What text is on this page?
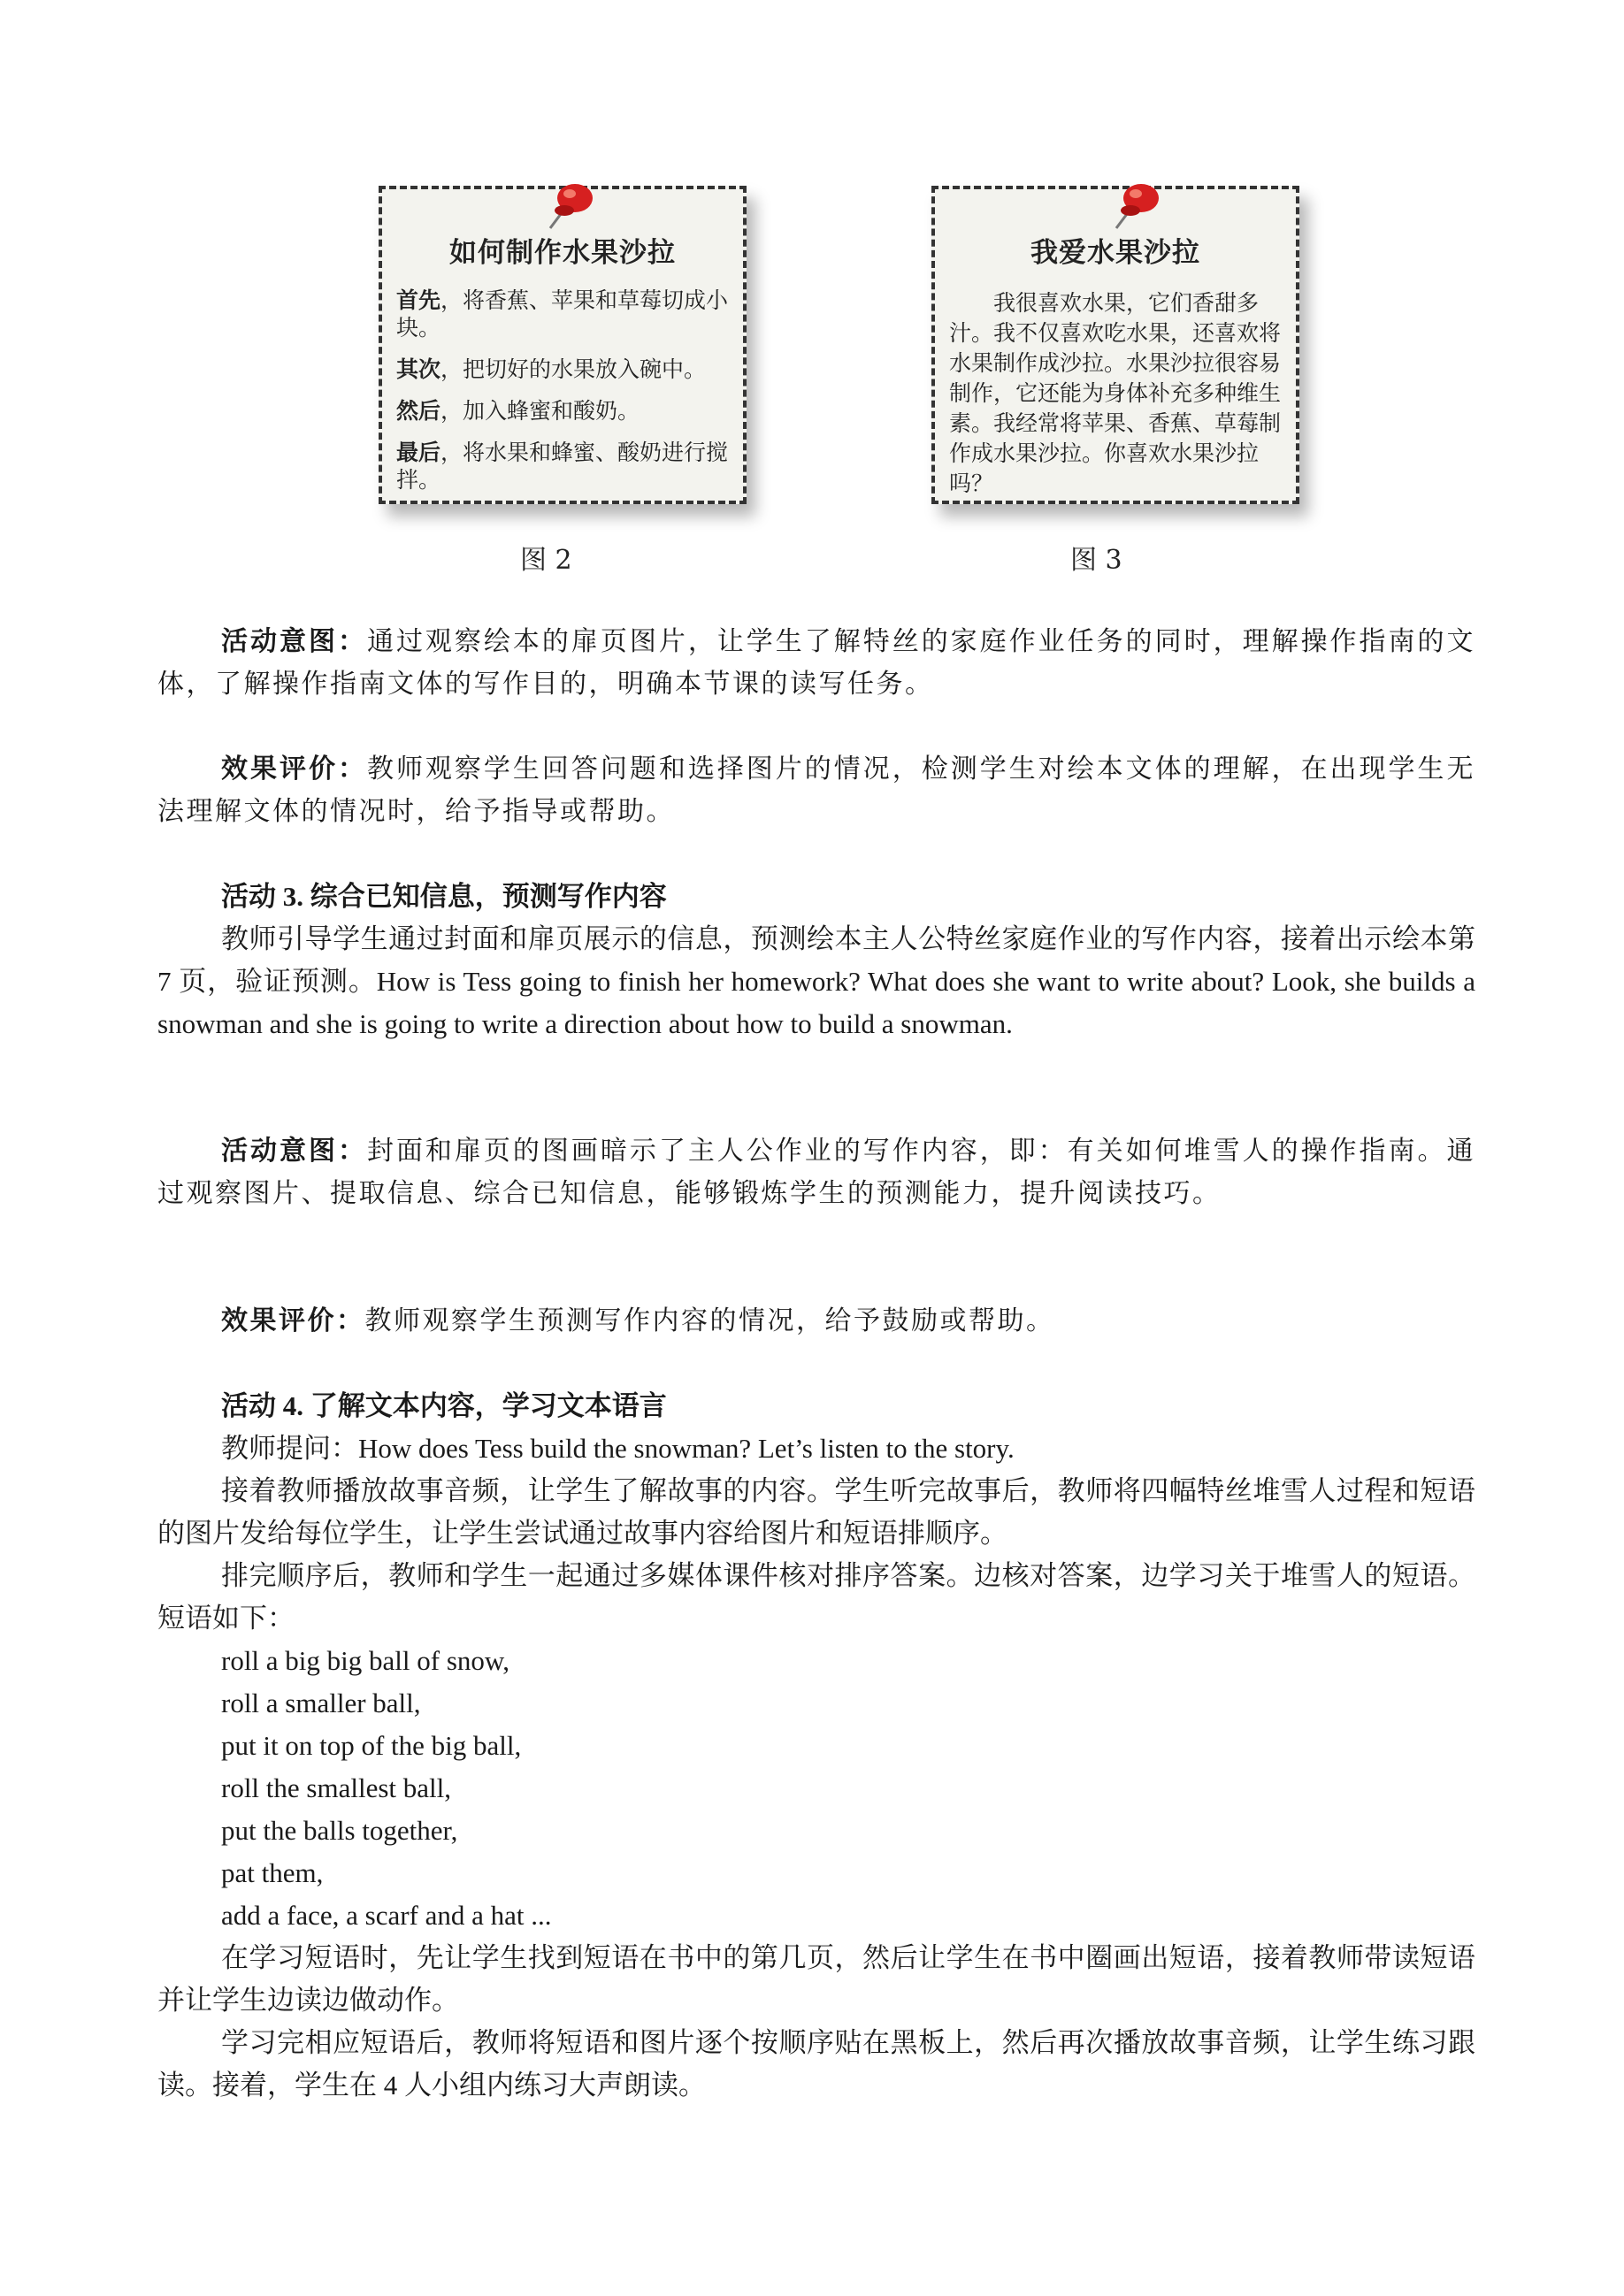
如何制作水果沙拉
首先，将香蕉、苹果和草莓切成小块。
其次，把切好的水果放入碗中。
然后，加入蜂蜜和酸奶。
最后，将水果和蜂蜜、酸奶进行搅拌。
我爱水果沙拉
我很喜欢水果，它们香甜多汁。我不仅喜欢吃水果，还喜欢将水果制作成沙拉。水果沙拉很容易制作，它还能为身体补充多种维生素。我经常将苹果、香蕉、草莓制作成水果沙拉。你喜欢水果沙拉吗？
图 2	图 3

活动意图：通过观察绘本的扉页图片，让学生了解特丝的家庭作业任务的同时，理解操作指南的文体，了解操作指南文体的写作目的，明确本节课的读写任务。

效果评价：教师观察学生回答问题和选择图片的情况，检测学生对绘本文体的理解，在出现学生无法理解文体的情况时，给予指导或帮助。

活动 3. 综合已知信息，预测写作内容

教师引导学生通过封面和扉页展示的信息，预测绘本主人公特丝家庭作业的写作内容，接着出示绘本第 7 页，验证预测。How is Tess going to finish her homework? What does she want to write about? Look, she builds a snowman and she is going to write a direction about how to build a snowman.

活动意图：封面和扉页的图画暗示了主人公作业的写作内容，即：有关如何堆雪人的操作指南。通过观察图片、提取信息、综合已知信息，能够锻炼学生的预测能力，提升阅读技巧。

效果评价：教师观察学生预测写作内容的情况，给予鼓励或帮助。

活动 4. 了解文本内容，学习文本语言

教师提问：How does Tess build the snowman? Let’s listen to the story.

接着教师播放故事音频，让学生了解故事的内容。学生听完故事后，教师将四幅特丝堆雪人过程和短语的图片发给每位学生，让学生尝试通过故事内容给图片和短语排顺序。

排完顺序后，教师和学生一起通过多媒体课件核对排序答案。边核对答案，边学习关于堆雪人的短语。短语如下：

roll a big big ball of snow,

roll a smaller ball,

put it on top of the big ball,

roll the smallest ball,

put the balls together,

pat them,

add a face, a scarf and a hat ...

在学习短语时，先让学生找到短语在书中的第几页，然后让学生在书中圈画出短语，接着教师带读短语并让学生边读边做动作。

学习完相应短语后，教师将短语和图片逐个按顺序贴在黑板上，然后再次播放故事音频，让学生练习跟读。接着，学生在 4 人小组内练习大声朗读。
